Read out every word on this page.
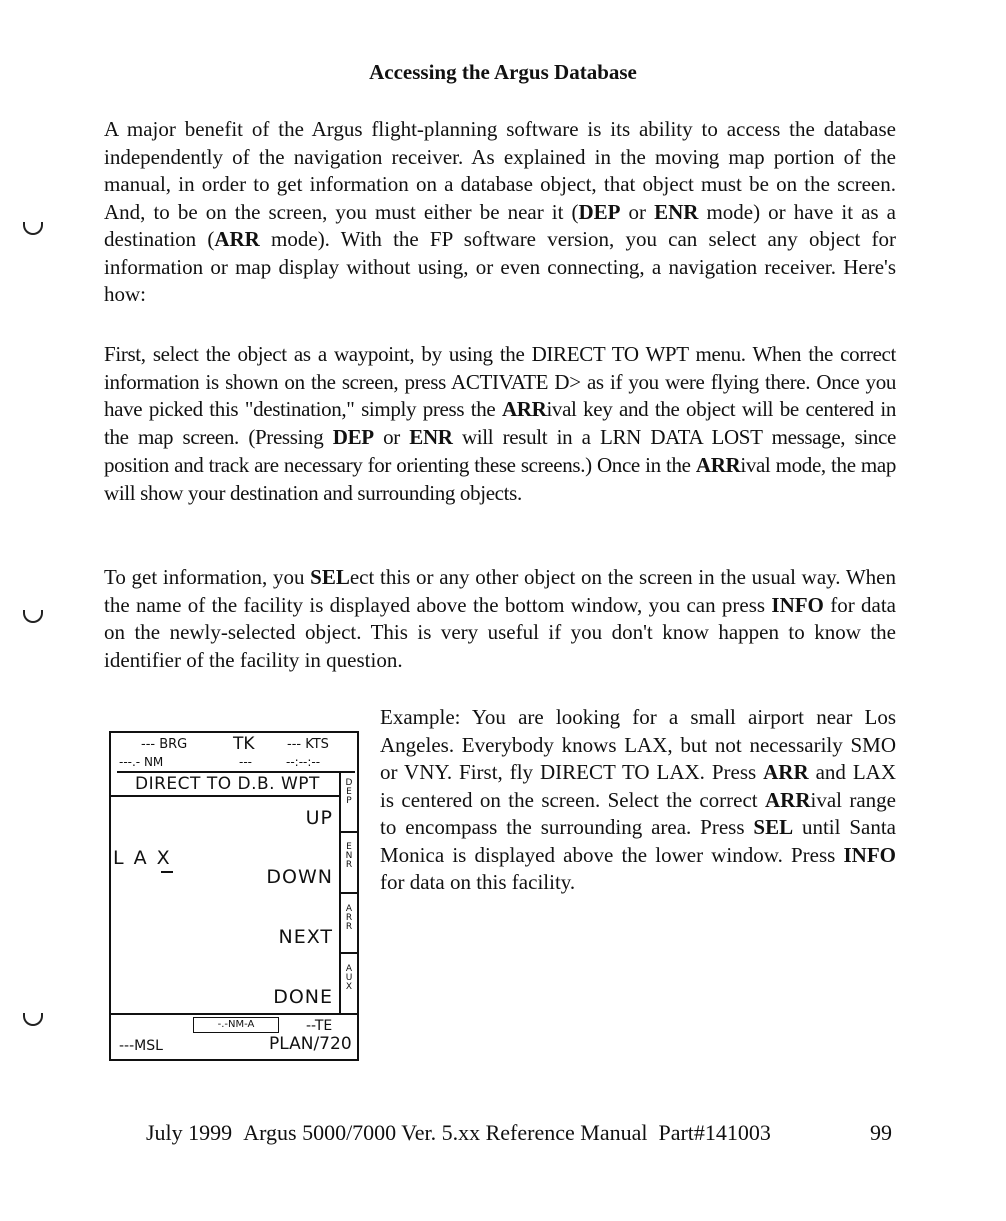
Accessing the Argus Database

A major benefit of the Argus flight-planning software is its ability to access the database independently of the navigation receiver. As explained in the moving map portion of the manual, in order to get information on a database object, that object must be on the screen. And, to be on the screen, you must either be near it (DEP or ENR mode) or have it as a destination (ARR mode). With the FP software version, you can select any object for information or map display without using, or even connecting, a navigation receiver. Here's how:

First, select the object as a waypoint, by using the DIRECT TO WPT menu. When the correct information is shown on the screen, press ACTIVATE D> as if you were flying there. Once you have picked this "destination," simply press the ARRival key and the object will be centered in the map screen. (Pressing DEP or ENR will result in a LRN DATA LOST message, since position and track are necessary for orienting these screens.) Once in the ARRival mode, the map will show your destination and surrounding objects.

To get information, you SELect this or any other object on the screen in the usual way. When the name of the facility is displayed above the bottom window, you can press INFO for data on the newly-selected object. This is very useful if you don't know happen to know the identifier of the facility in question.

Example: You are looking for a small airport near Los Angeles. Everybody knows LAX, but not necessarily SMO or VNY. First, fly DIRECT TO LAX. Press ARR and LAX is centered on the screen. Select the correct ARRival range to encompass the surrounding area. Press SEL until Santa Monica is displayed above the lower window. Press INFO for data on this facility.

--- BRG	TK --- KTS
---.- NM	---	--:--:--
DIRECT TO D.B. WPT	D
E
P
E
N
R
A
R
R
A
U
X
UP
DOWN
NEXT
DONE
L A X
-.-NM-A	--TE
---MSL	PLAN/720
July 1999 Argus 5000/7000 Ver. 5.xx Reference Manual Part#141003	99
